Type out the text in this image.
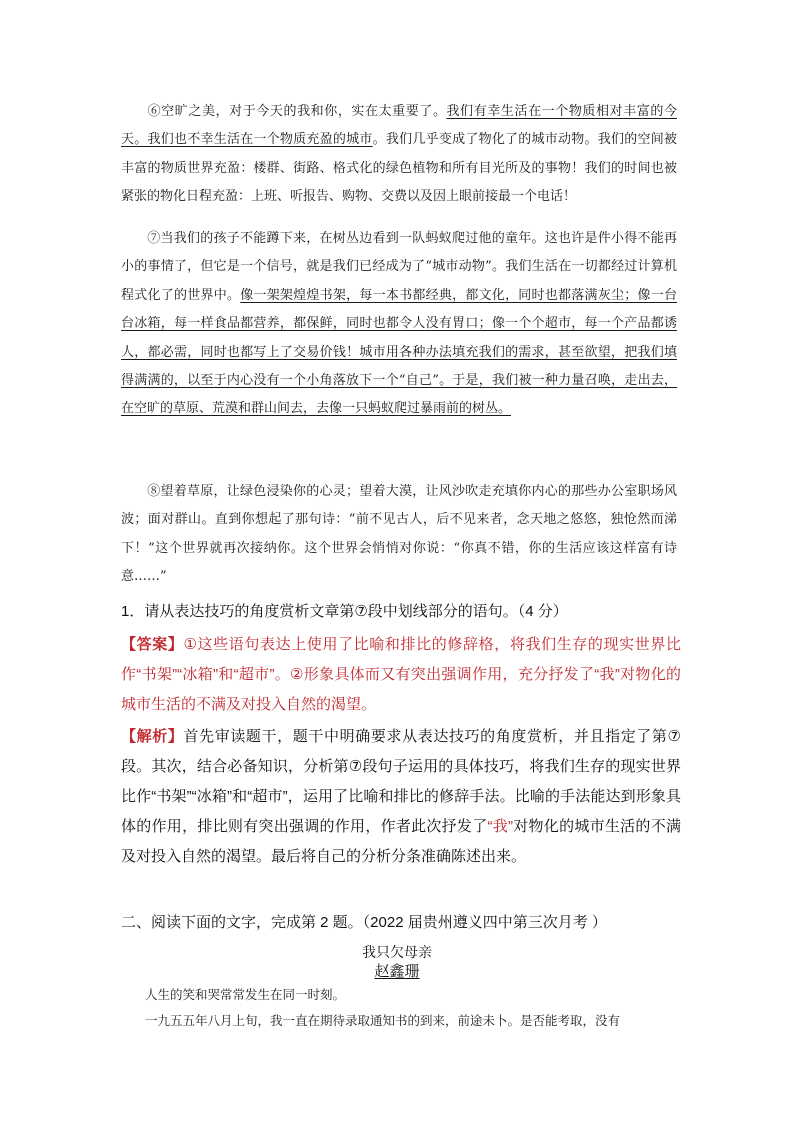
⑥空旷之美，对于今天的我和你，实在太重要了。我们有幸生活在一个物质相对丰富的今天。我们也不幸生活在一个物质充盈的城市。我们几乎变成了物化了的城市动物。我们的空间被丰富的物质世界充盈：楼群、街路、格式化的绿色植物和所有目光所及的事物！我们的时间也被紧张的物化日程充盈：上班、听报告、购物、交费以及因上眼前接最一个电话！

⑦当我们的孩子不能蹲下来，在树丛边看到一队蚂蚁爬过他的童年。这也许是件小得不能再小的事情了，但它是一个信号，就是我们已经成为了“城市动物”。我们生活在一切都经过计算机程式化了的世界中。像一架架煌煌书架，每一本书都经典，都文化，同时也都落满灰尘；像一台台冰箱，每一样食品都营养，都保鲜，同时也都令人没有胃口；像一个个超市，每一个产品都诱人，都必需，同时也都写上了交易价钱！城市用各种办法填充我们的需求，甚至欲望，把我们填得满满的，以至于内心没有一个小角落放下一个“自己”。于是，我们被一种力量召唤，走出去，在空旷的草原、荒漠和群山间去，去像一只蚂蚁爬过暴雨前的树丛。

⑧望着草原，让绿色浸染你的心灵；望着大漠，让风沙吹走充填你内心的那些办公室职场风波；面对群山。直到你想起了那句诗：“前不见古人，后不见来者，念天地之悠悠，独怆然而涕下！”这个世界就再次接纳你。这个世界会悄悄对你说：“你真不错，你的生活应该这样富有诗意……”

1．请从表达技巧的角度赏析文章第⑦段中划线部分的语句。（4 分）

【答案】①这些语句表达上使用了比喻和排比的修辞格，将我们生存的现实世界比作“书架”“冰箱”和“超市”。②形象具体而又有突出强调作用，充分抒发了“我”对物化的城市生活的不满及对投入自然的渴望。

【解析】首先审读题干，题干中明确要求从表达技巧的角度赏析，并且指定了第⑦段。其次，结合必备知识，分析第⑦段句子运用的具体技巧，将我们生存的现实世界比作“书架”“冰箱”和“超市”，运用了比喻和排比的修辞手法。比喻的手法能达到形象具体的作用，排比则有突出强调的作用，作者此次抒发了“我”对物化的城市生活的不满及对投入自然的渴望。最后将自己的分析分条准确陈述出来。

二、阅读下面的文字，完成第 2 题。（2022 届贵州遵义四中第三次月考 ）

我只欠母亲
赵鑫珊

人生的笑和哭常常发生在同一时刻。

一九五五年八月上旬，我一直在期待录取通知书的到来，前途未卜。是否能考取，没有
